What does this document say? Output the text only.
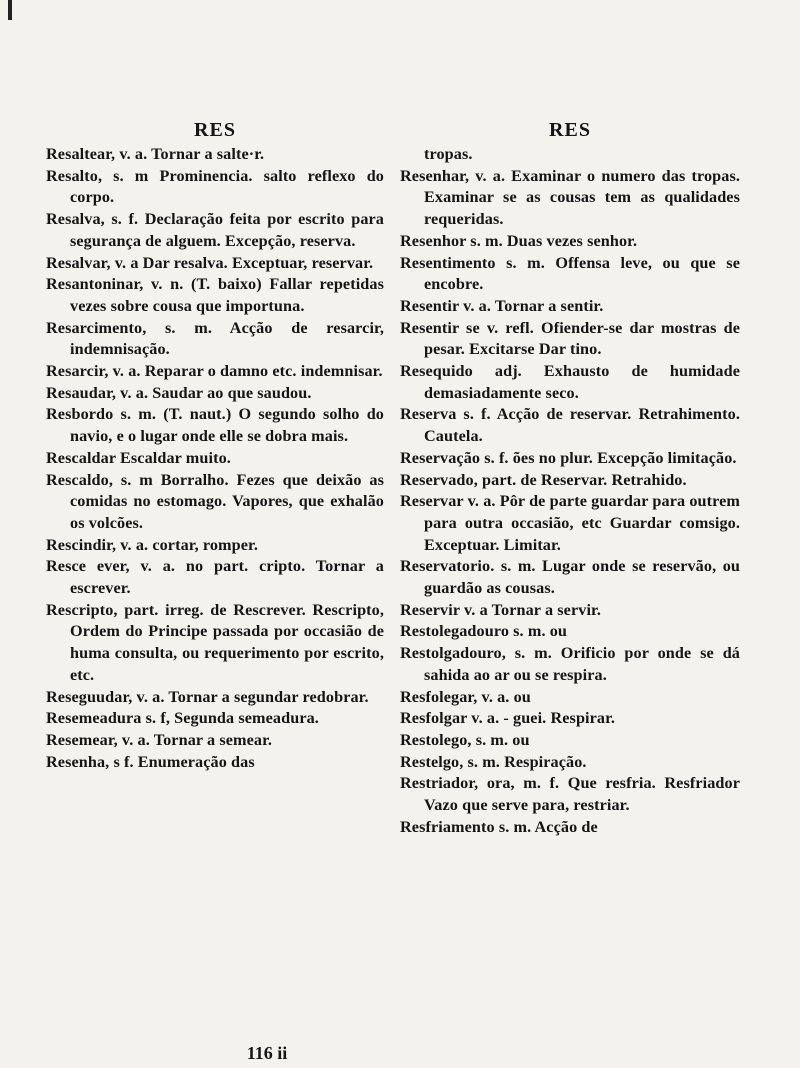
RES
Resaltear, v. a. Tornar a salte·r.
Resalto, s. m Prominencia. salto reflexo do corpo.
Resalva, s. f. Declaração feita por escrito para segurança de alguem. Excepção, reserva.
Resalvar, v. a Dar resalva. Exceptuar, reservar.
Resantoninar, v. n. (T. baixo) Fallar repetidas vezes sobre cousa que importuna.
Resarcimento, s. m. Acção de resarcir, indemnisação.
Resarcir, v. a. Reparar o damno etc. indemnisar.
Resaudar, v. a. Saudar ao que saudou.
Resbordo s. m. (T. naut.) O segundo solho do navio, e o lugar onde elle se dobra mais.
Rescaldar Escaldar muito.
Rescaldo, s. m Borralho. Fezes que deixão as comidas no estomago. Vapores, que exhalão os volcões.
Rescindir, v. a. cortar, romper.
Resce ever, v. a. no part. cripto. Tornar a escrever.
Rescripto, part. irreg. de Rescrever. Rescripto, Ordem do Principe passada por occasião de huma consulta, ou requerimento por escrito, etc.
Reseguudar, v. a. Tornar a segundar redobrar.
Resemeadura s. f, Segunda semeadura.
Resemear, v. a. Tornar a semear.
Resenha, s f. Enumeração das
RES
tropas.
Resenhar, v. a. Examinar o numero das tropas. Examinar se as cousas tem as qualidades requeridas.
Resenhor s. m. Duas vezes senhor.
Resentimento s. m. Offensa leve, ou que se encobre.
Resentir v. a. Tornar a sentir.
Resentir se v. refl. Ofiender-se dar mostras de pesar. Excitarse Dar tino.
Resequido adj. Exhausto de humidade demasiadamente seco.
Reserva s. f. Acção de reservar. Retrahimento. Cautela.
Reservação s. f. ões no plur. Excepção limitação.
Reservado, part. de Reservar. Retrahido.
Reservar v. a. Pôr de parte guardar para outrem para outra occasião, etc Guardar comsigo. Exceptuar. Limitar.
Reservatorio. s. m. Lugar onde se reservão, ou guardão as cousas.
Reservir v. a Tornar a servir.
Restolegadouro s. m. ou
Restolgadouro, s. m. Orificio por onde se dá sahida ao ar ou se respira.
Resfolegar, v. a. ou
Resfolgar v. a. - guei. Respirar.
Restolego, s. m. ou
Restelgo, s. m. Respiração.
Restriador, ora, m. f. Que resfria. Resfriador Vazo que serve para, restriar.
Resfriamento s. m. Acção de
116 ii
